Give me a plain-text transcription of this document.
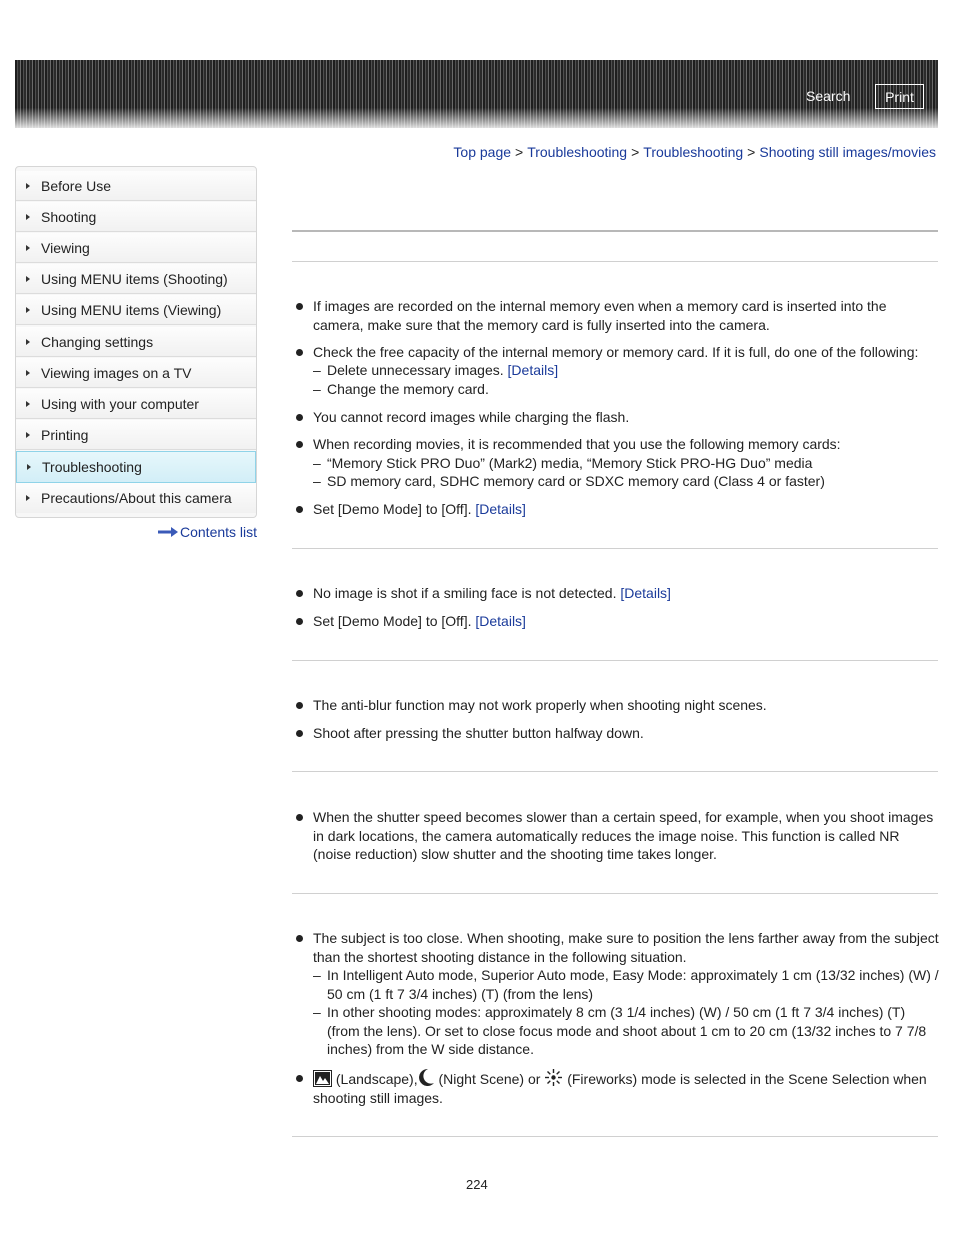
Search	Print
Top page > Troubleshooting > Troubleshooting > Shooting still images/movies
Before Use
Shooting
Viewing
Using MENU items (Shooting)
Using MENU items (Viewing)
Changing settings
Viewing images on a TV
Using with your computer
Printing
Troubleshooting
Precautions/About this camera
Contents list
If images are recorded on the internal memory even when a memory card is inserted into the camera, make sure that the memory card is fully inserted into the camera.
Check the free capacity of the internal memory or memory card. If it is full, do one of the following:
– Delete unnecessary images. [Details]
– Change the memory card.
You cannot record images while charging the flash.
When recording movies, it is recommended that you use the following memory cards:
– “Memory Stick PRO Duo” (Mark2) media, “Memory Stick PRO-HG Duo” media
– SD memory card, SDHC memory card or SDXC memory card (Class 4 or faster)
Set [Demo Mode] to [Off]. [Details]
No image is shot if a smiling face is not detected. [Details]
Set [Demo Mode] to [Off]. [Details]
The anti-blur function may not work properly when shooting night scenes.
Shoot after pressing the shutter button halfway down.
When the shutter speed becomes slower than a certain speed, for example, when you shoot images in dark locations, the camera automatically reduces the image noise. This function is called NR (noise reduction) slow shutter and the shooting time takes longer.
The subject is too close. When shooting, make sure to position the lens farther away from the subject than the shortest shooting distance in the following situation.
– In Intelligent Auto mode, Superior Auto mode, Easy Mode: approximately 1 cm (13/32 inches) (W) / 50 cm (1 ft 7 3/4 inches) (T) (from the lens)
– In other shooting modes: approximately 8 cm (3 1/4 inches) (W) / 50 cm (1 ft 7 3/4 inches) (T) (from the lens). Or set to close focus mode and shoot about 1 cm to 20 cm (13/32 inches to 7 7/8 inches) from the W side distance.
(Landscape), (Night Scene) or (Fireworks) mode is selected in the Scene Selection when shooting still images.
224
